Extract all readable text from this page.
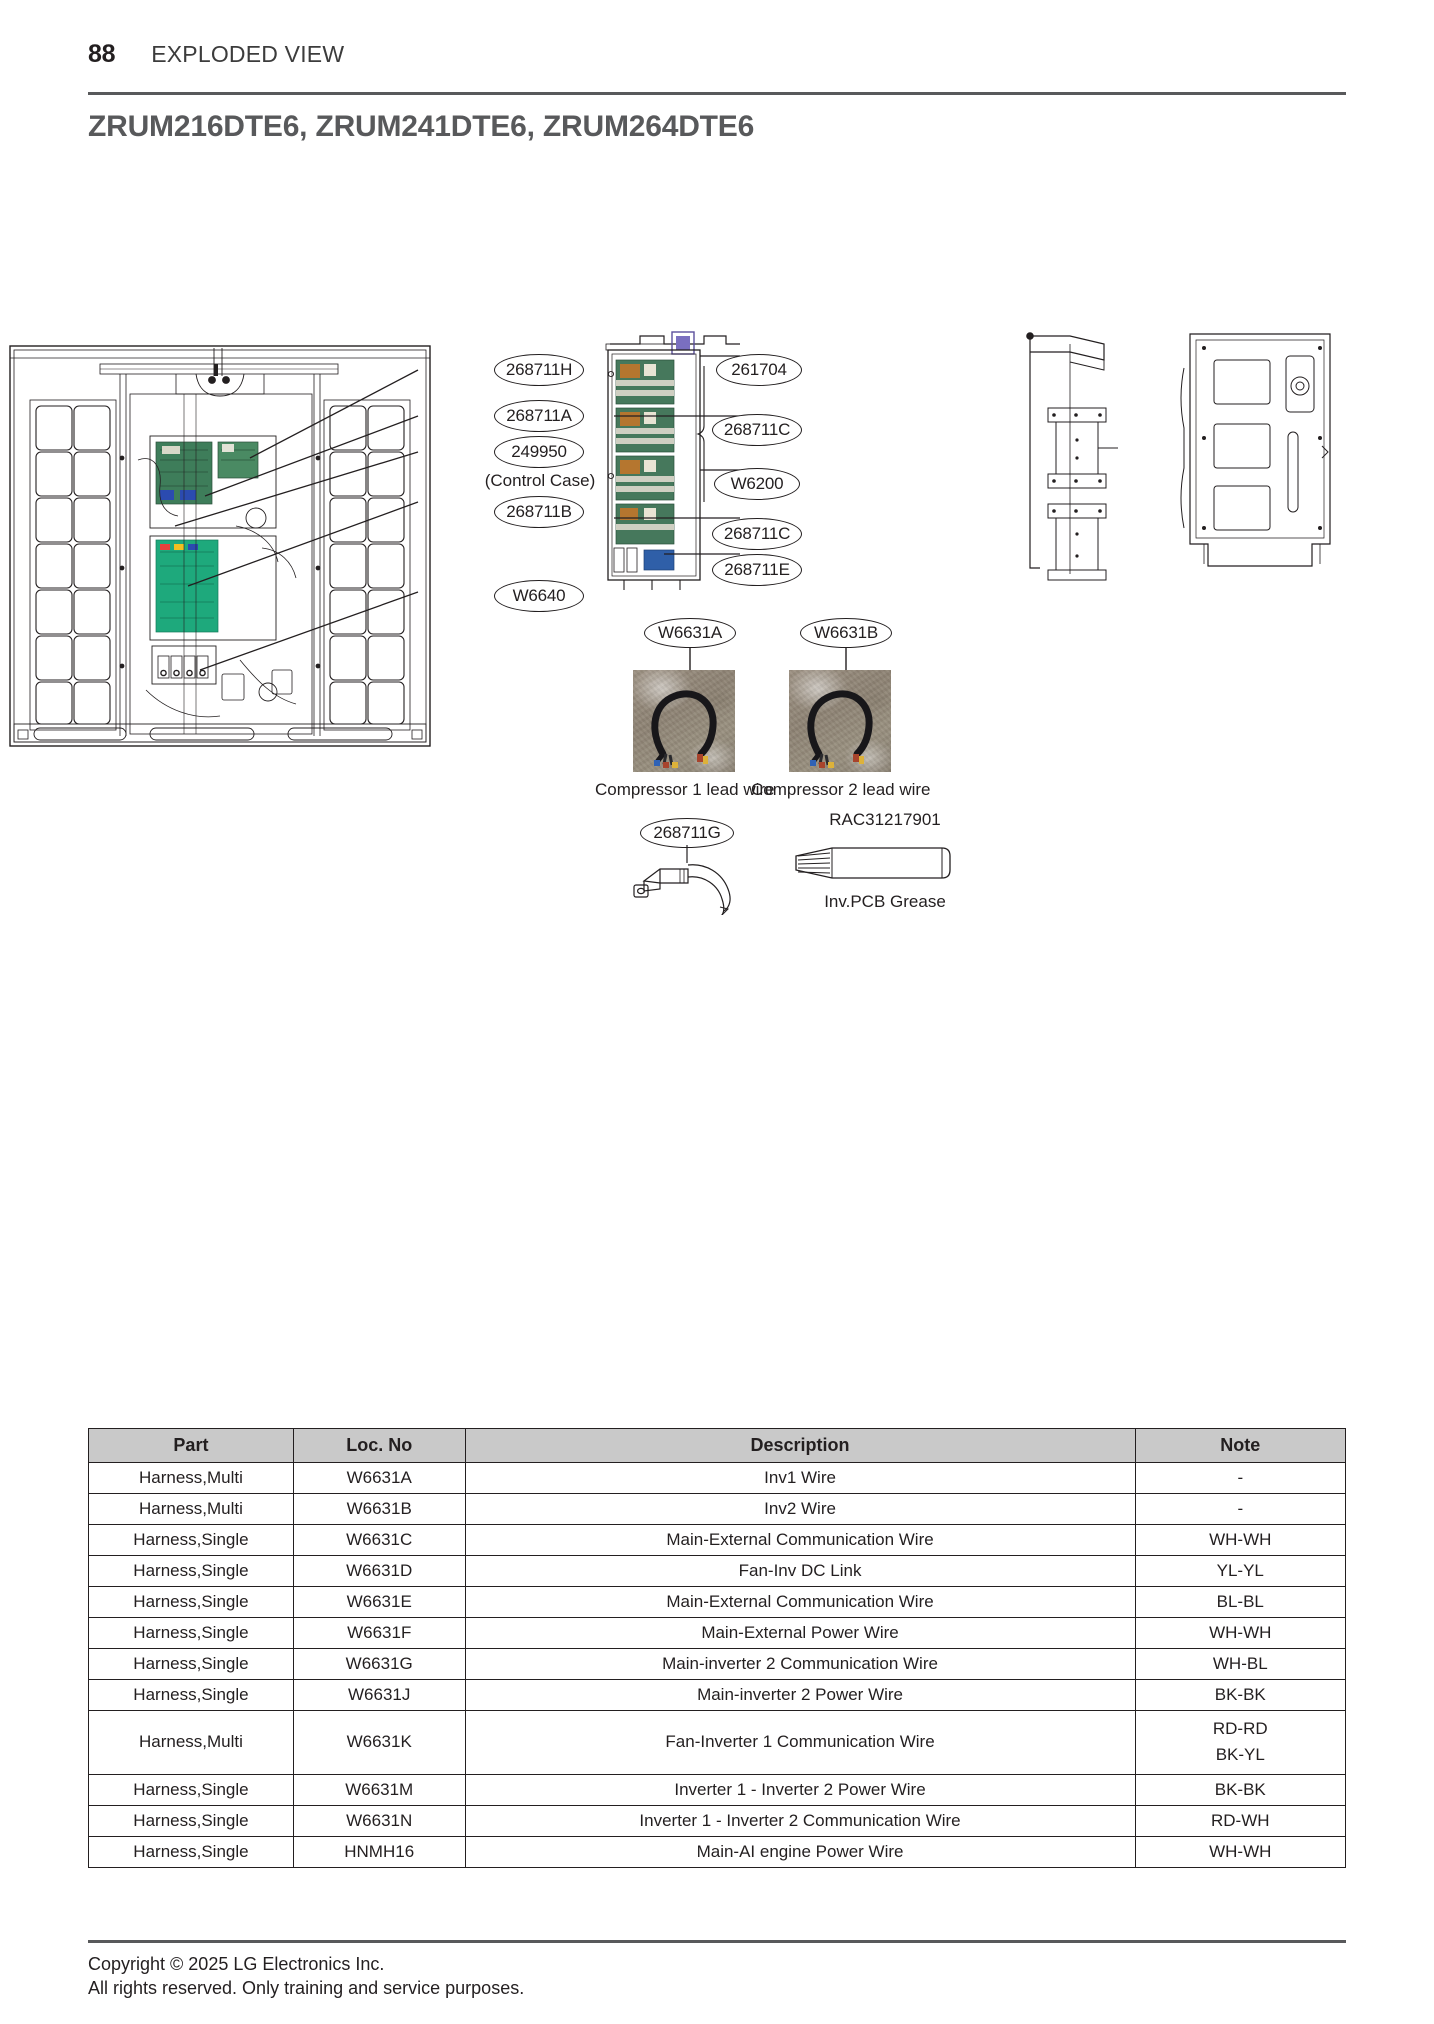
88 EXPLODED VIEW
ZRUM216DTE6, ZRUM241DTE6, ZRUM264DTE6
268711H
268711A
249950
(Control Case)
268711B
W6640
261704
268711C
W6200
268711C
268711E
W6631A
Compressor 1 lead wire
W6631B
Compressor 2 lead wire
268711G
RAC31217901
Inv.PCB Grease
Part	Loc. No	Description	Note
Harness,Multi	W6631A	Inv1 Wire	-
Harness,Multi	W6631B	Inv2 Wire	-
Harness,Single	W6631C	Main-External Communication Wire	WH-WH
Harness,Single	W6631D	Fan-Inv DC Link	YL-YL
Harness,Single	W6631E	Main-External Communication Wire	BL-BL
Harness,Single	W6631F	Main-External Power Wire	WH-WH
Harness,Single	W6631G	Main-inverter 2 Communication Wire	WH-BL
Harness,Single	W6631J	Main-inverter 2 Power Wire	BK-BK
Harness,Multi	W6631K	Fan-Inverter 1 Communication Wire	RD-RD
BK-YL

Harness,Single	W6631M	Inverter 1 - Inverter 2 Power Wire	BK-BK
Harness,Single	W6631N	Inverter 1 - Inverter 2 Communication Wire	RD-WH
Harness,Single	HNMH16	Main-AI engine Power Wire	WH-WH
Copyright © 2025 LG Electronics Inc.
All rights reserved. Only training and service purposes.
